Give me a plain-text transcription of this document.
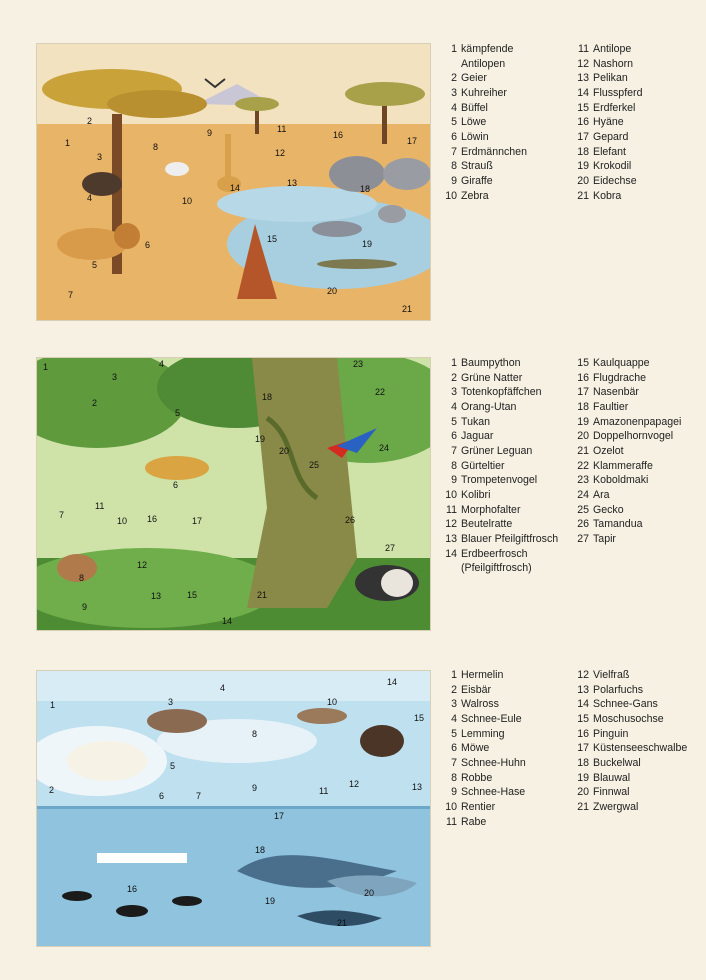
1
2
3
4
5
6
7
8
9
10
11
12
13
14
15
16
17
18
19
20
21
1 kämpfende
Antilopen
2 Geier
3 Kuhreiher
4 Büffel
5 Löwe
6 Löwin
7 Erdmännchen
8 Strauß
9 Giraffe
10 Zebra
11 Antilope
12 Nashorn
13 Pelikan
14 Flusspferd
15 Erdferkel
16 Hyäne
17 Gepard
18 Elefant
19 Krokodil
20 Eidechse
21 Kobra
1
2
3
4
5
6
7
8
9
10
11
12
13
14
15
16	17
18
19
20
21
22
23
24
25
26
27
1 Baumpython
2 Grüne Natter
3 Totenkopfäffchen
4 Orang-Utan
5 Tukan
6 Jaguar
7 Grüner Leguan
8 Gürteltier
9 Trompetenvogel
10 Kolibri
11 Morphofalter
12 Beutelratte
13 Blauer Pfeilgiftfrosch
14 Erdbeerfrosch
(Pfeilgiftfrosch)
15 Kaulquappe
16 Flugdrache
17 Nasenbär
18 Faultier
19 Amazonenpapagei
20 Doppelhornvogel
21 Ozelot
22 Klammeraffe
23 Koboldmaki
24 Ara
25 Gecko
26 Tamandua
27 Tapir
1
2
3
4
5
6	7
8
9
10
11
12	13
14
15
16
17
18
19
20
21
1 Hermelin
2 Eisbär
3 Walross
4 Schnee-Eule
5 Lemming
6 Möwe
7 Schnee-Huhn
8 Robbe
9 Schnee-Hase
10 Rentier
11 Rabe
12 Vielfraß
13 Polarfuchs
14 Schnee-Gans
15 Moschusochse
16 Pinguin
17 Küstenseeschwalbe
18 Buckelwal
19 Blauwal
20 Finnwal
21 Zwergwal
